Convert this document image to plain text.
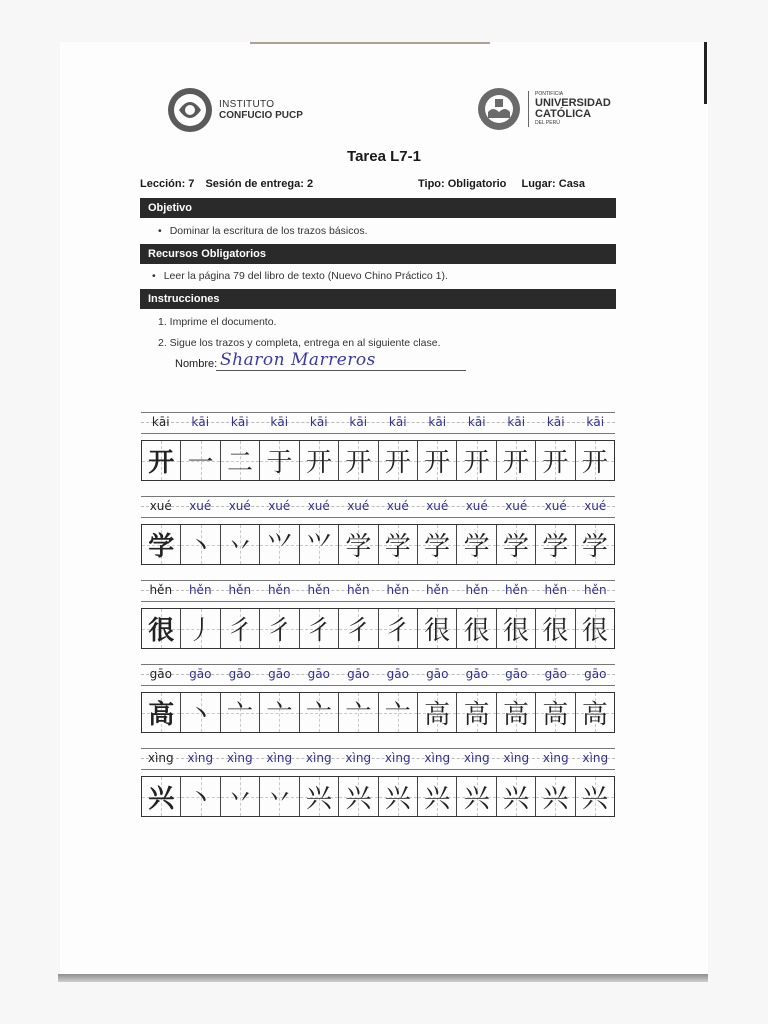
INSTITUTO
CONFUCIO PUCP
PONTIFICIA
UNIVERSIDAD
CATÓLICA
DEL PERÚ
Tarea L7-1
Lección: 7 Sesión de entrega: 2	Tipo: Obligatorio Lugar: Casa
Objetivo
• Dominar la escritura de los trazos básicos.
Recursos Obligatorios
• Leer la página 79 del libro de texto (Nuevo Chino Práctico 1).
Instrucciones
1. Imprime el documento.
2. Sigue los trazos y completa, entrega en al siguiente clase.
Nombre: Sharon Marreros
kāi	kāi	kāi	kāi	kāi	kāi	kāi	kāi	kāi	kāi	kāi	kāi
开 一 二 于 开 开 开 开 开 开 开 开
xué	xué	xué	xué	xué	xué	xué	xué	xué	xué	xué	xué
学 丶 丷 ⺍ ⺍ 学 学 学 学 学 学 学
hěn	hěn	hěn	hěn	hěn	hěn	hěn	hěn	hěn	hěn	hěn	hěn
很 丿 彳 彳 彳 彳 彳 很 很 很 很 很
gāo	gāo	gāo	gāo	gāo	gāo	gāo	gāo	gāo	gāo	gāo	gāo
高 丶 亠 亠 亠 亠 亠 高 高 高 高 高
xìng	xìng	xìng	xìng	xìng	xìng	xìng	xìng	xìng	xìng	xìng	xìng
兴 丶 丷 丷 兴 兴 兴 兴 兴 兴 兴 兴
